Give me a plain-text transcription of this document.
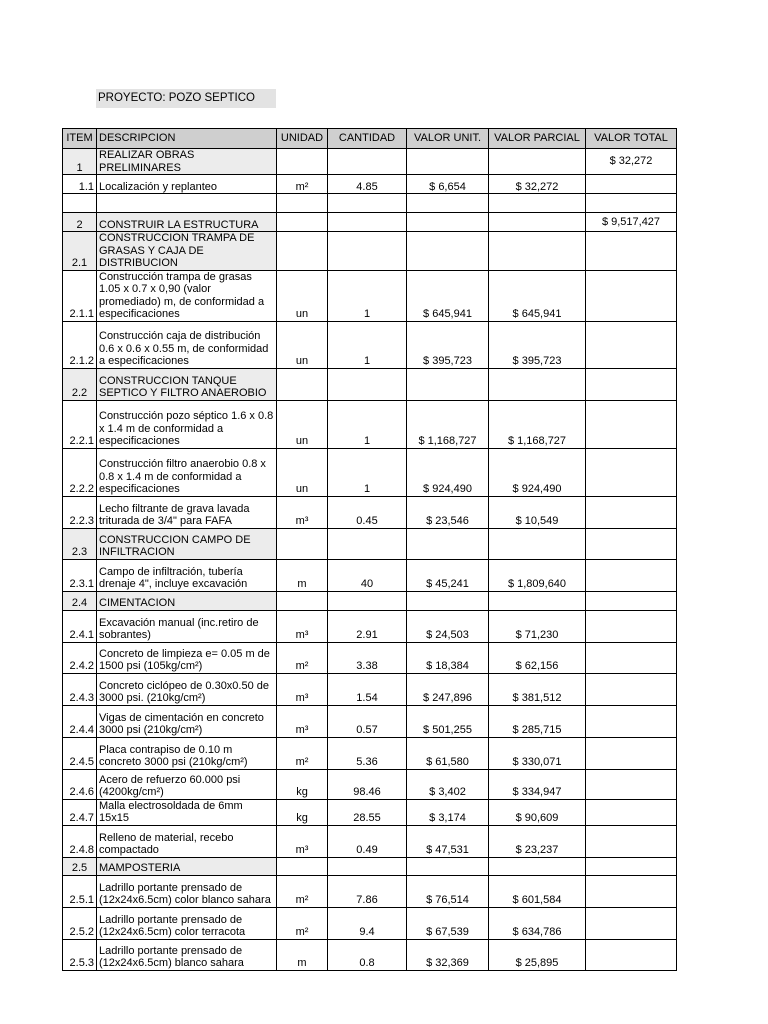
PROYECTO: POZO SEPTICO
ITEM	DESCRIPCION	UNIDAD	CANTIDAD	VALOR UNIT.	VALOR PARCIAL	VALOR TOTAL
1	REALIZAR OBRAS PRELIMINARES					$ 32,272
1.1	Localización y replanteo	m²	4.85	$ 6,654	$ 32,272	

2	CONSTRUIR LA ESTRUCTURA					$ 9,517,427
2.1	CONSTRUCCION TRAMPA DE GRASAS Y CAJA DE DISTRIBUCION					
2.1.1	Construcción trampa de grasas 1.05 x 0.7 x 0,90 (valor promediado) m, de conformidad a especificaciones	un	1	$ 645,941	$ 645,941	
2.1.2	Construcción caja de distribución 0.6 x 0.6 x 0.55 m, de conformidad a especificaciones	un	1	$ 395,723	$ 395,723	
2.2	CONSTRUCCION TANQUE SEPTICO Y FILTRO ANAEROBIO					
2.2.1	Construcción pozo séptico 1.6 x 0.8 x 1.4 m de conformidad a especificaciones	un	1	$ 1,168,727	$ 1,168,727	
2.2.2	Construcción filtro anaerobio 0.8 x 0.8 x 1.4 m de conformidad a especificaciones	un	1	$ 924,490	$ 924,490	
2.2.3	Lecho filtrante de grava lavada triturada de 3/4" para FAFA	m³	0.45	$ 23,546	$ 10,549	
2.3	CONSTRUCCION CAMPO DE INFILTRACION					
2.3.1	Campo de infiltración, tubería drenaje 4", incluye excavación	m	40	$ 45,241	$ 1,809,640	
2.4	CIMENTACION					
2.4.1	Excavación manual (inc.retiro de sobrantes)	m³	2.91	$ 24,503	$ 71,230	
2.4.2	Concreto de limpieza e= 0.05 m de 1500 psi (105kg/cm²)	m²	3.38	$ 18,384	$ 62,156	
2.4.3	Concreto ciclópeo de 0.30x0.50 de 3000 psi. (210kg/cm²)	m³	1.54	$ 247,896	$ 381,512	
2.4.4	Vigas de cimentación en concreto 3000 psi (210kg/cm²)	m³	0.57	$ 501,255	$ 285,715	
2.4.5	Placa contrapiso de 0.10 m concreto 3000 psi (210kg/cm²)	m²	5.36	$ 61,580	$ 330,071	
2.4.6	Acero de refuerzo 60.000 psi (4200kg/cm²)	kg	98.46	$ 3,402	$ 334,947	
2.4.7	Malla electrosoldada de 6mm 15x15	kg	28.55	$ 3,174	$ 90,609	
2.4.8	Relleno de material, recebo compactado	m³	0.49	$ 47,531	$ 23,237	
2.5	MAMPOSTERIA					
2.5.1	Ladrillo portante prensado de (12x24x6.5cm) color blanco sahara	m²	7.86	$ 76,514	$ 601,584	
2.5.2	Ladrillo portante prensado de (12x24x6.5cm) color terracota	m²	9.4	$ 67,539	$ 634,786	
2.5.3	Ladrillo portante prensado de (12x24x6.5cm) blanco sahara	m	0.8	$ 32,369	$ 25,895	
